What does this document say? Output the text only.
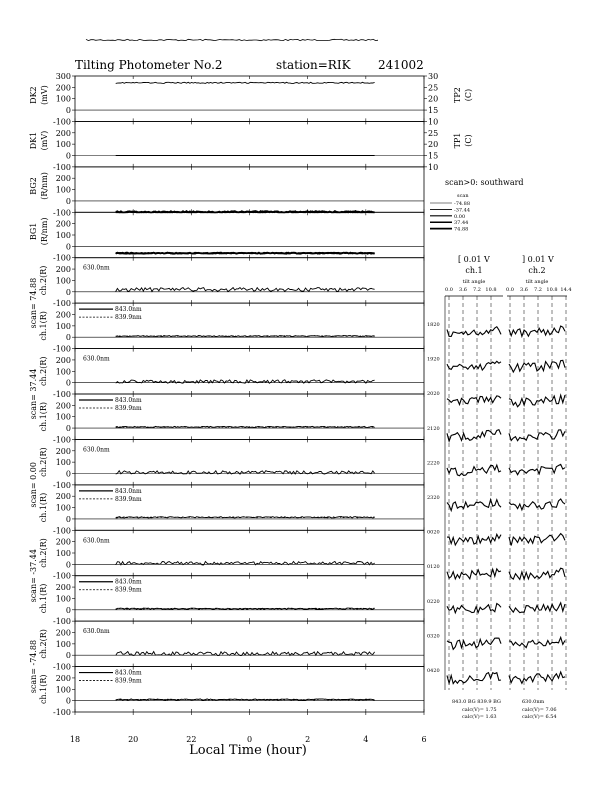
Tilting Photometer No.2	station=RIK 241002
-100
0
100
200
300
DK2 (mV)
10
15
20
25
30
TP2 (C)
-100
0
100
200
DK1 (mV)
10
15
20
25 TP1 (C)
-100
0
100
200
BG2 (R/nm)
-100
0
100
200
BG1 (R/nm)
-100
0
100
200
ch.2(R)	630.0nm
-100
0
100
200
ch.1(R)
843.0nm
839.9nm
-100
0
100
200
ch.2(R)	630.0nm
-100
0
100
200
ch.1(R)
843.0nm
839.9nm
-100
0
100
200
ch.2(R)	630.0nm
-100
0
100
200
ch.1(R)
843.0nm
839.9nm
-100
0
100
200
ch.2(R)	630.0nm
-100
0
100
200
ch.1(R)
843.0nm
839.9nm
-100
0
100
200
ch.2(R)	630.0nm
-100
0
100
200
ch.1(R)
843.0nm
839.9nm
scan= 74.88
scan= 37.44
scan= 0.00
scan= -37.44
scan= -74.88
Local Time (hour)
18	20	22	0	2	4	6
scan>0: southward
scan
-74.88
-37.44
0.00
37.44
74.88
[ 0.01 V	] 0.01 V
ch.1	ch.2
tilt angle	tilt angle
843.0 BG 839.9 BG	630.0nm
calc(V)= 1.75
calc(V)= 1.63
calc(V)= 7.06
calc(V)= 6.54
0.0 3.6 7.2 10.8 0.0 3.6 7.2 10.8 14.4
1820
1920
2020
2120
2220
2320
0020
0120
0220
0320
0420
